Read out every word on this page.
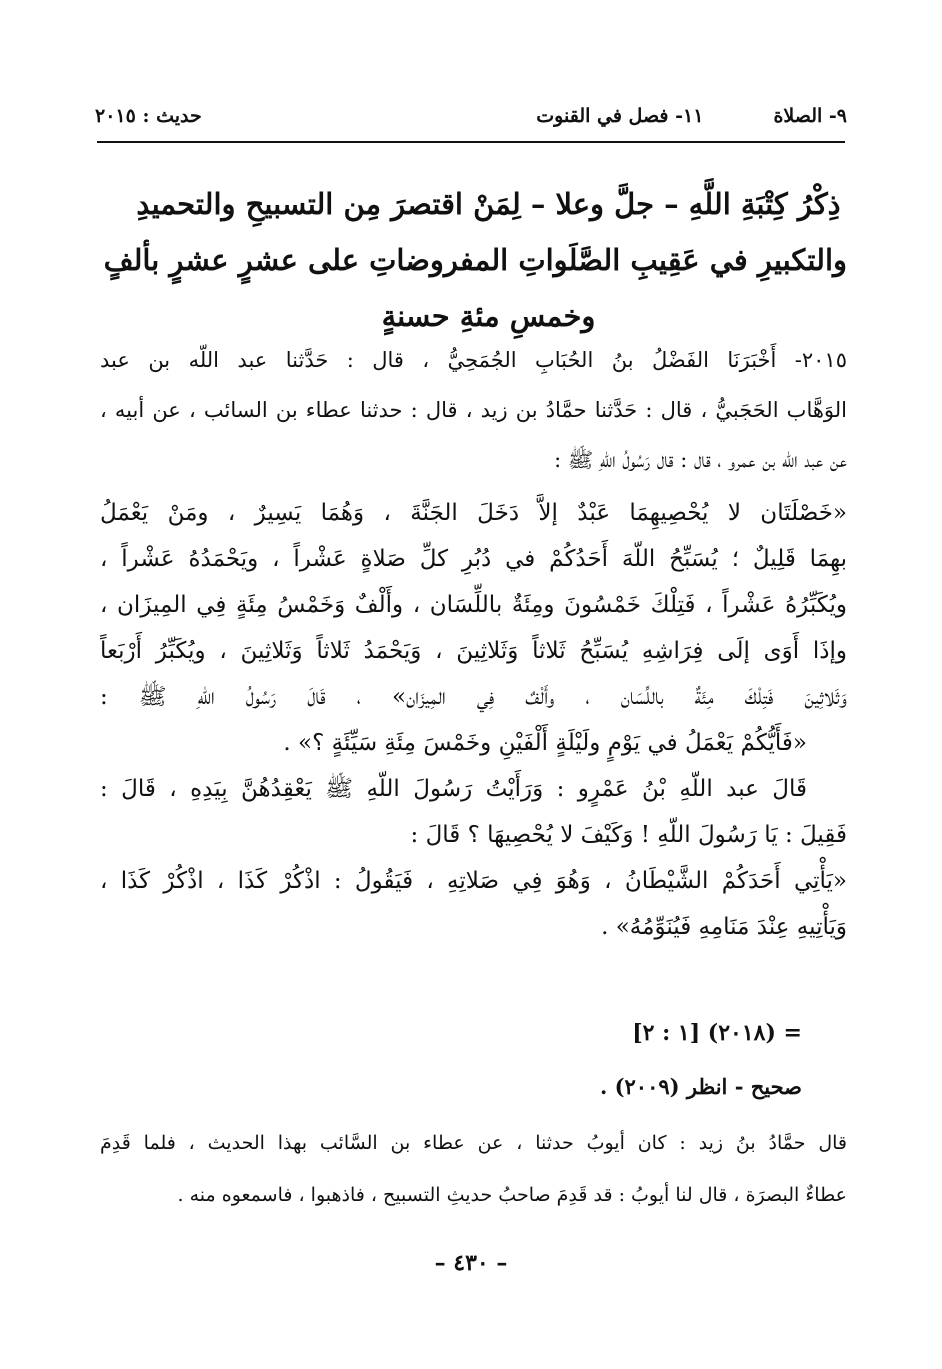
٩- الصلاة
١١- فصل في القنوت
حديث : ٢٠١٥
ذِكْرُ كِتْبَةِ اللَّهِ – جلَّ وعلا – لِمَنْ اقتصرَ مِن التسبيحِ والتحميدِ
والتكبيرِ في عَقِيبِ الصَّلَواتِ المفروضاتِ على عشرٍ عشرٍ بألفٍ
وخمسِ مئةِ حسنةٍ
٢٠١٥- أَخْبَرَنَا الفَضْلُ بنُ الحُبَابِ الجُمَحِيُّ ، قال : حَدَّثنا عبد اللّه بن عبد
الوَهَّاب الحَجَبيُّ ، قال : حَدَّثنا حمَّادُ بن زيد ، قال : حدثنا عطاء بن السائب ، عن أبيه ،
عن عبد اللّه بن عمرو ، قال : قال رَسُولُ اللّهِ ﷺ :
«خَصْلَتَان لا يُحْصِيهِمَا عَبْدٌ إلاَّ دَخَلَ الجَنَّةَ ، وَهُمَا يَسِيرٌ ، ومَنْ يَعْمَلُ
بهِمَا قَلِيلٌ ؛ يُسَبِّحُ اللّهَ أَحَدُكُمْ في دُبُرِ كلِّ صَلاةٍ عَشْراً ، ويَحْمَدُهُ عَشْراً ،
ويُكَبِّرُهُ عَشْراً ، فَتِلْكَ خَمْسُونَ ومِئَةٌ باللِّسَان ، وأَلْفٌ وَخَمْسُ مِئَةٍ فِي المِيزَان ،
وإذَا أَوَى إلَى فِرَاشِهِ يُسَبِّحُ ثَلاثاً وَثَلاثِينَ ، وَيَحْمَدُ ثَلاثاً وَثَلاثِينَ ، ويُكَبِّرُ أَرْبَعاً
وَثَلاثِينَ فَتِلْكَ مِئَةٌ باللِّسَان ، وأَلْفٌ فِي المِيزَان» ، قَالَ رَسُولُ اللّهِ ﷺ :
«فَأَيُّكُمْ يَعْمَلُ في يَوْمٍ ولَيْلَةٍ أَلْفَيْنِ وخَمْسَ مِئَةِ سَيِّئَةٍ ؟» .
قَالَ عبد اللّهِ بْنُ عَمْرٍو : وَرَأَيْتُ رَسُولَ اللّهِ ﷺ يَعْقِدُهُنَّ بِيَدِهِ ، قَالَ :
فَقِيلَ : يَا رَسُولَ اللّهِ ! وَكَيْفَ لا يُحْصِيهَا ؟ قَالَ :
«يَأْتِي أَحَدَكُمْ الشَّيْطَانُ ، وَهُوَ فِي صَلاتِهِ ، فَيَقُولُ : اذْكُرْ كَذَا ، اذْكُرْ كَذَا ،
وَيَأْتِيهِ عِنْدَ مَنَامِهِ فَيُنَوِّمُهُ» .
= (٢٠١٨) [١ : ٢]
صحيح - انظر (٢٠٠٩) .
قال حمَّادُ بنُ زيد : كان أيوبُ حدثنا ، عن عطاء بن السَّائب بهذا الحديث ، فلما قَدِمَ
عطاءٌ البصرَة ، قال لنا أيوبُ : قد قَدِمَ صاحبُ حديثِ التسبيح ، فاذهبوا ، فاسمعوه منه .
– ٤٣٠ –
